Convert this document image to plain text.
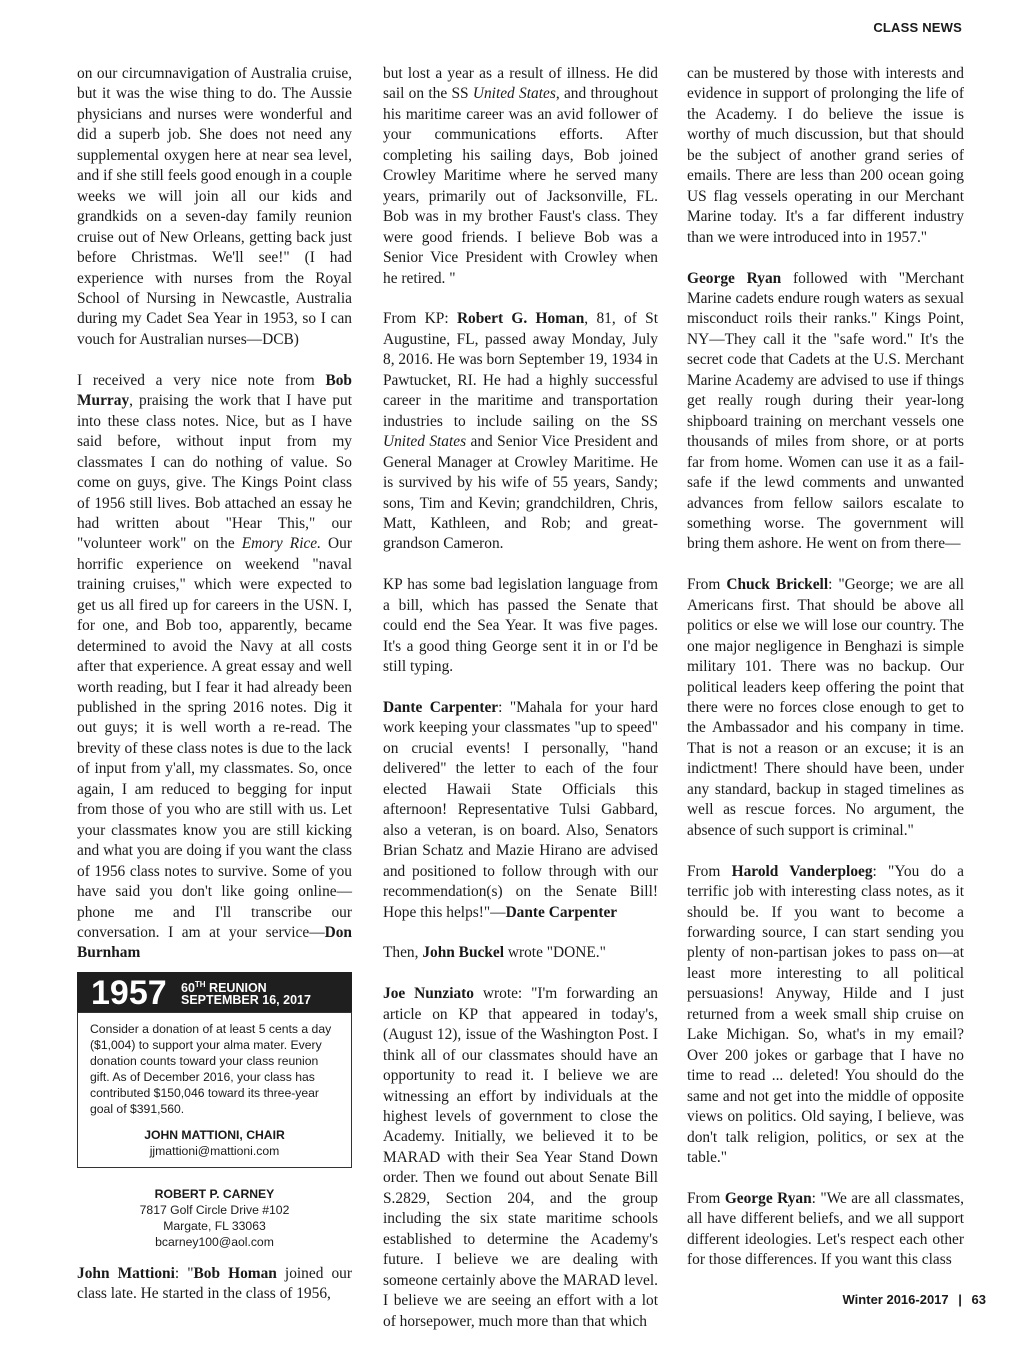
CLASS NEWS

on our circumnavigation of Australia cruise, but it was the wise thing to do. The Aussie physicians and nurses were wonderful and did a superb job. She does not need any supplemental oxygen here at near sea level, and if she still feels good enough in a couple weeks we will join all our kids and grandkids on a seven-day family reunion cruise out of New Orleans, getting back just before Christmas. We'll see!" (I had experience with nurses from the Royal School of Nursing in Newcastle, Australia during my Cadet Sea Year in 1953, so I can vouch for Australian nurses—DCB)

I received a very nice note from Bob Murray, praising the work that I have put into these class notes. Nice, but as I have said before, without input from my classmates I can do nothing of value. So come on guys, give. The Kings Point class of 1956 still lives. Bob attached an essay he had written about "Hear This," our "volunteer work" on the Emory Rice. Our horrific experience on weekend "naval training cruises," which were expected to get us all fired up for careers in the USN. I, for one, and Bob too, apparently, became determined to avoid the Navy at all costs after that experience. A great essay and well worth reading, but I fear it had already been published in the spring 2016 notes. Dig it out guys; it is well worth a re-read. The brevity of these class notes is due to the lack of input from y'all, my classmates. So, once again, I am reduced to begging for input from those of you who are still with us. Let your classmates know you are still kicking and what you are doing if you want the class of 1956 class notes to survive. Some of you have said you don't like going online—phone me and I'll transcribe our conversation. I am at your service—Don Burnham

1957 60TH REUNION
SEPTEMBER 16, 2017
Consider a donation of at least 5 cents a day ($1,004) to support your alma mater. Every donation counts toward your class reunion gift. As of December 2016, your class has contributed $150,046 toward its three-year goal of $391,560.
JOHN MATTIONI, CHAIR
jjmattioni@mattioni.com
ROBERT P. CARNEY
7817 Golf Circle Drive #102
Margate, FL 33063
bcarney100@aol.com

John Mattioni: "Bob Homan joined our class late. He started in the class of 1956,

but lost a year as a result of illness. He did sail on the SS United States, and throughout his maritime career was an avid follower of your communications efforts. After completing his sailing days, Bob joined Crowley Maritime where he served many years, primarily out of Jacksonville, FL. Bob was in my brother Faust's class. They were good friends. I believe Bob was a Senior Vice President with Crowley when he retired. "

From KP: Robert G. Homan, 81, of St Augustine, FL, passed away Monday, July 8, 2016. He was born September 19, 1934 in Pawtucket, RI. He had a highly successful career in the maritime and transportation industries to include sailing on the SS United States and Senior Vice President and General Manager at Crowley Maritime. He is survived by his wife of 55 years, Sandy; sons, Tim and Kevin; grandchildren, Chris, Matt, Kathleen, and Rob; and great-grandson Cameron.

KP has some bad legislation language from a bill, which has passed the Senate that could end the Sea Year. It was five pages. It's a good thing George sent it in or I'd be still typing.

Dante Carpenter: "Mahala for your hard work keeping your classmates "up to speed" on crucial events! I personally, "hand delivered" the letter to each of the four elected Hawaii State Officials this afternoon! Representative Tulsi Gabbard, also a veteran, is on board. Also, Senators Brian Schatz and Mazie Hirano are advised and positioned to follow through with our recommendation(s) on the Senate Bill! Hope this helps!"—Dante Carpenter

Then, John Buckel wrote "DONE."

Joe Nunziato wrote: "I'm forwarding an article on KP that appeared in today's, (August 12), issue of the Washington Post. I think all of our classmates should have an opportunity to read it. I believe we are witnessing an effort by individuals at the highest levels of government to close the Academy. Initially, we believed it to be MARAD with their Sea Year Stand Down order. Then we found out about Senate Bill S.2829, Section 204, and the group including the six state maritime schools established to determine the Academy's future. I believe we are dealing with someone certainly above the MARAD level. I believe we are seeing an effort with a lot of horsepower, much more than that which

can be mustered by those with interests and evidence in support of prolonging the life of the Academy. I do believe the issue is worthy of much discussion, but that should be the subject of another grand series of emails. There are less than 200 ocean going US flag vessels operating in our Merchant Marine today. It's a far different industry than we were introduced into in 1957."

George Ryan followed with "Merchant Marine cadets endure rough waters as sexual misconduct roils their ranks." Kings Point, NY—They call it the "safe word." It's the secret code that Cadets at the U.S. Merchant Marine Academy are advised to use if things get really rough during their year-long shipboard training on merchant vessels one thousands of miles from shore, or at ports far from home. Women can use it as a fail-safe if the lewd comments and unwanted advances from fellow sailors escalate to something worse. The government will bring them ashore. He went on from there—

From Chuck Brickell: "George; we are all Americans first. That should be above all politics or else we will lose our country. The one major negligence in Benghazi is simple military 101. There was no backup. Our political leaders keep offering the point that there were no forces close enough to get to the Ambassador and his company in time. That is not a reason or an excuse; it is an indictment! There should have been, under any standard, backup in staged timelines as well as rescue forces. No argument, the absence of such support is criminal."

From Harold Vanderploeg: "You do a terrific job with interesting class notes, as it should be. If you want to become a forwarding source, I can start sending you plenty of non-partisan jokes to pass on—at least more interesting to all political persuasions! Anyway, Hilde and I just returned from a week small ship cruise on Lake Michigan. So, what's in my email? Over 200 jokes or garbage that I have no time to read ... deleted! You should do the same and not get into the middle of opposite views on politics. Old saying, I believe, was don't talk religion, politics, or sex at the table."

From George Ryan: "We are all classmates, all have different beliefs, and we all support different ideologies. Let's respect each other for those differences. If you want this class

Winter 2016-2017 | 63
